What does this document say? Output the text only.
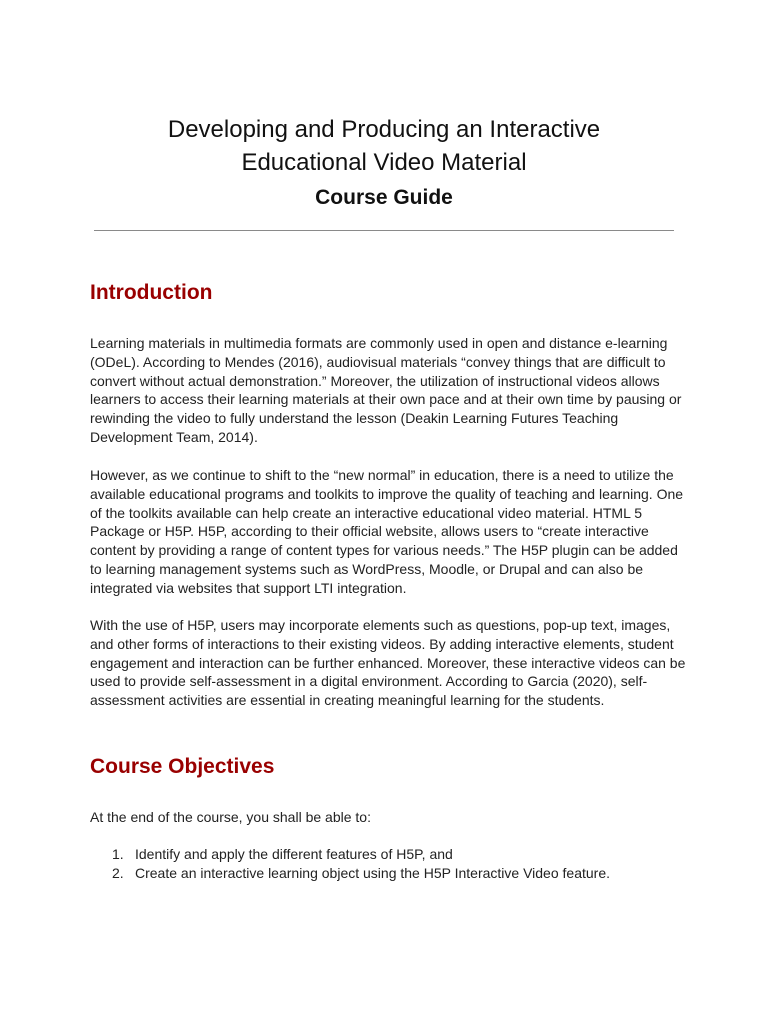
Developing and Producing an Interactive
Educational Video Material
Course Guide
Introduction

Learning materials in multimedia formats are commonly used in open and distance e-learning (ODeL). According to Mendes (2016), audiovisual materials “convey things that are difficult to convert without actual demonstration.” Moreover, the utilization of instructional videos allows learners to access their learning materials at their own pace and at their own time by pausing or rewinding the video to fully understand the lesson (Deakin Learning Futures Teaching Development Team, 2014).

However, as we continue to shift to the “new normal” in education, there is a need to utilize the available educational programs and toolkits to improve the quality of teaching and learning. One of the toolkits available can help create an interactive educational video material. HTML 5 Package or H5P. H5P, according to their official website, allows users to “create interactive content by providing a range of content types for various needs.” The H5P plugin can be added to learning management systems such as WordPress, Moodle, or Drupal and can also be integrated via websites that support LTI integration.

With the use of H5P, users may incorporate elements such as questions, pop-up text, images, and other forms of interactions to their existing videos. By adding interactive elements, student engagement and interaction can be further enhanced. Moreover, these interactive videos can be used to provide self-assessment in a digital environment. According to Garcia (2020), self-assessment activities are essential in creating meaningful learning for the students.

Course Objectives

At the end of the course, you shall be able to:

1. Identify and apply the different features of H5P, and
2. Create an interactive learning object using the H5P Interactive Video feature.
